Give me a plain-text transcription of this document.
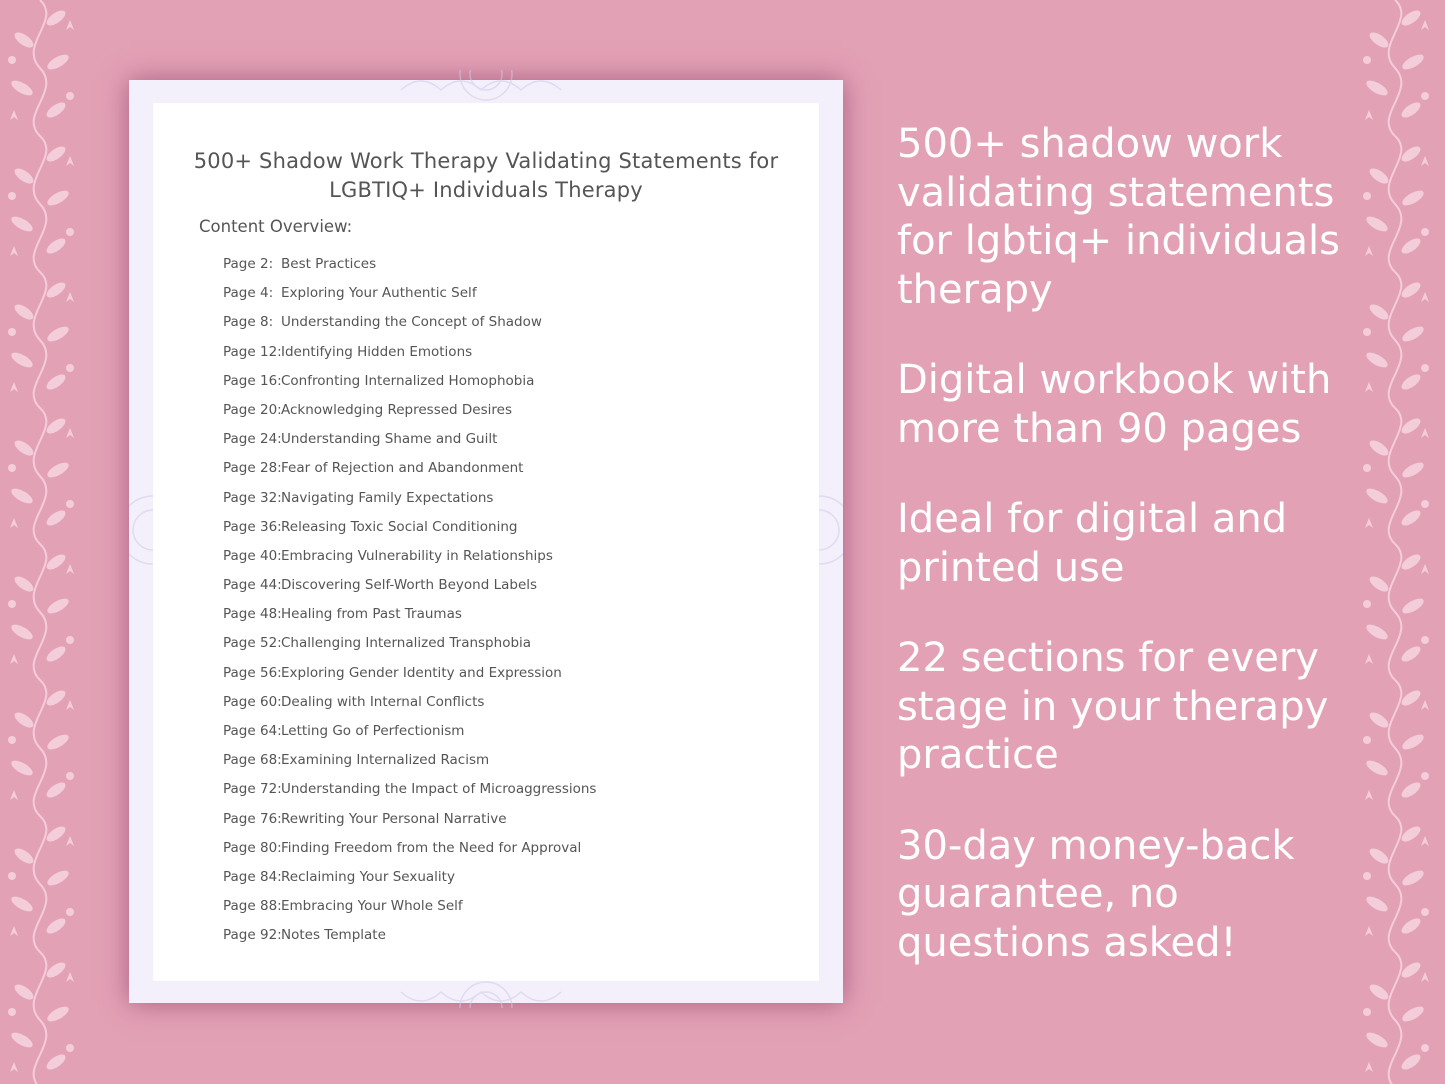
500+ Shadow Work Therapy Validating Statements for
LGBTIQ+ Individuals Therapy
Content Overview:
Page 2: Best Practices
Page 4: Exploring Your Authentic Self
Page 8: Understanding the Concept of Shadow
Page 12:Identifying Hidden Emotions
Page 16:Confronting Internalized Homophobia
Page 20:Acknowledging Repressed Desires
Page 24:Understanding Shame and Guilt
Page 28:Fear of Rejection and Abandonment
Page 32:Navigating Family Expectations
Page 36:Releasing Toxic Social Conditioning
Page 40:Embracing Vulnerability in Relationships
Page 44:Discovering Self-Worth Beyond Labels
Page 48:Healing from Past Traumas
Page 52:Challenging Internalized Transphobia
Page 56:Exploring Gender Identity and Expression
Page 60:Dealing with Internal Conflicts
Page 64:Letting Go of Perfectionism
Page 68:Examining Internalized Racism
Page 72:Understanding the Impact of Microaggressions
Page 76:Rewriting Your Personal Narrative
Page 80:Finding Freedom from the Need for Approval
Page 84:Reclaiming Your Sexuality
Page 88:Embracing Your Whole Self
Page 92:Notes Template

500+ shadow work validating statements for lgbtiq+ individuals therapy

Digital workbook with more than 90 pages

Ideal for digital and printed use

22 sections for every stage in your therapy practice

30-day money-back guarantee, no questions asked!
